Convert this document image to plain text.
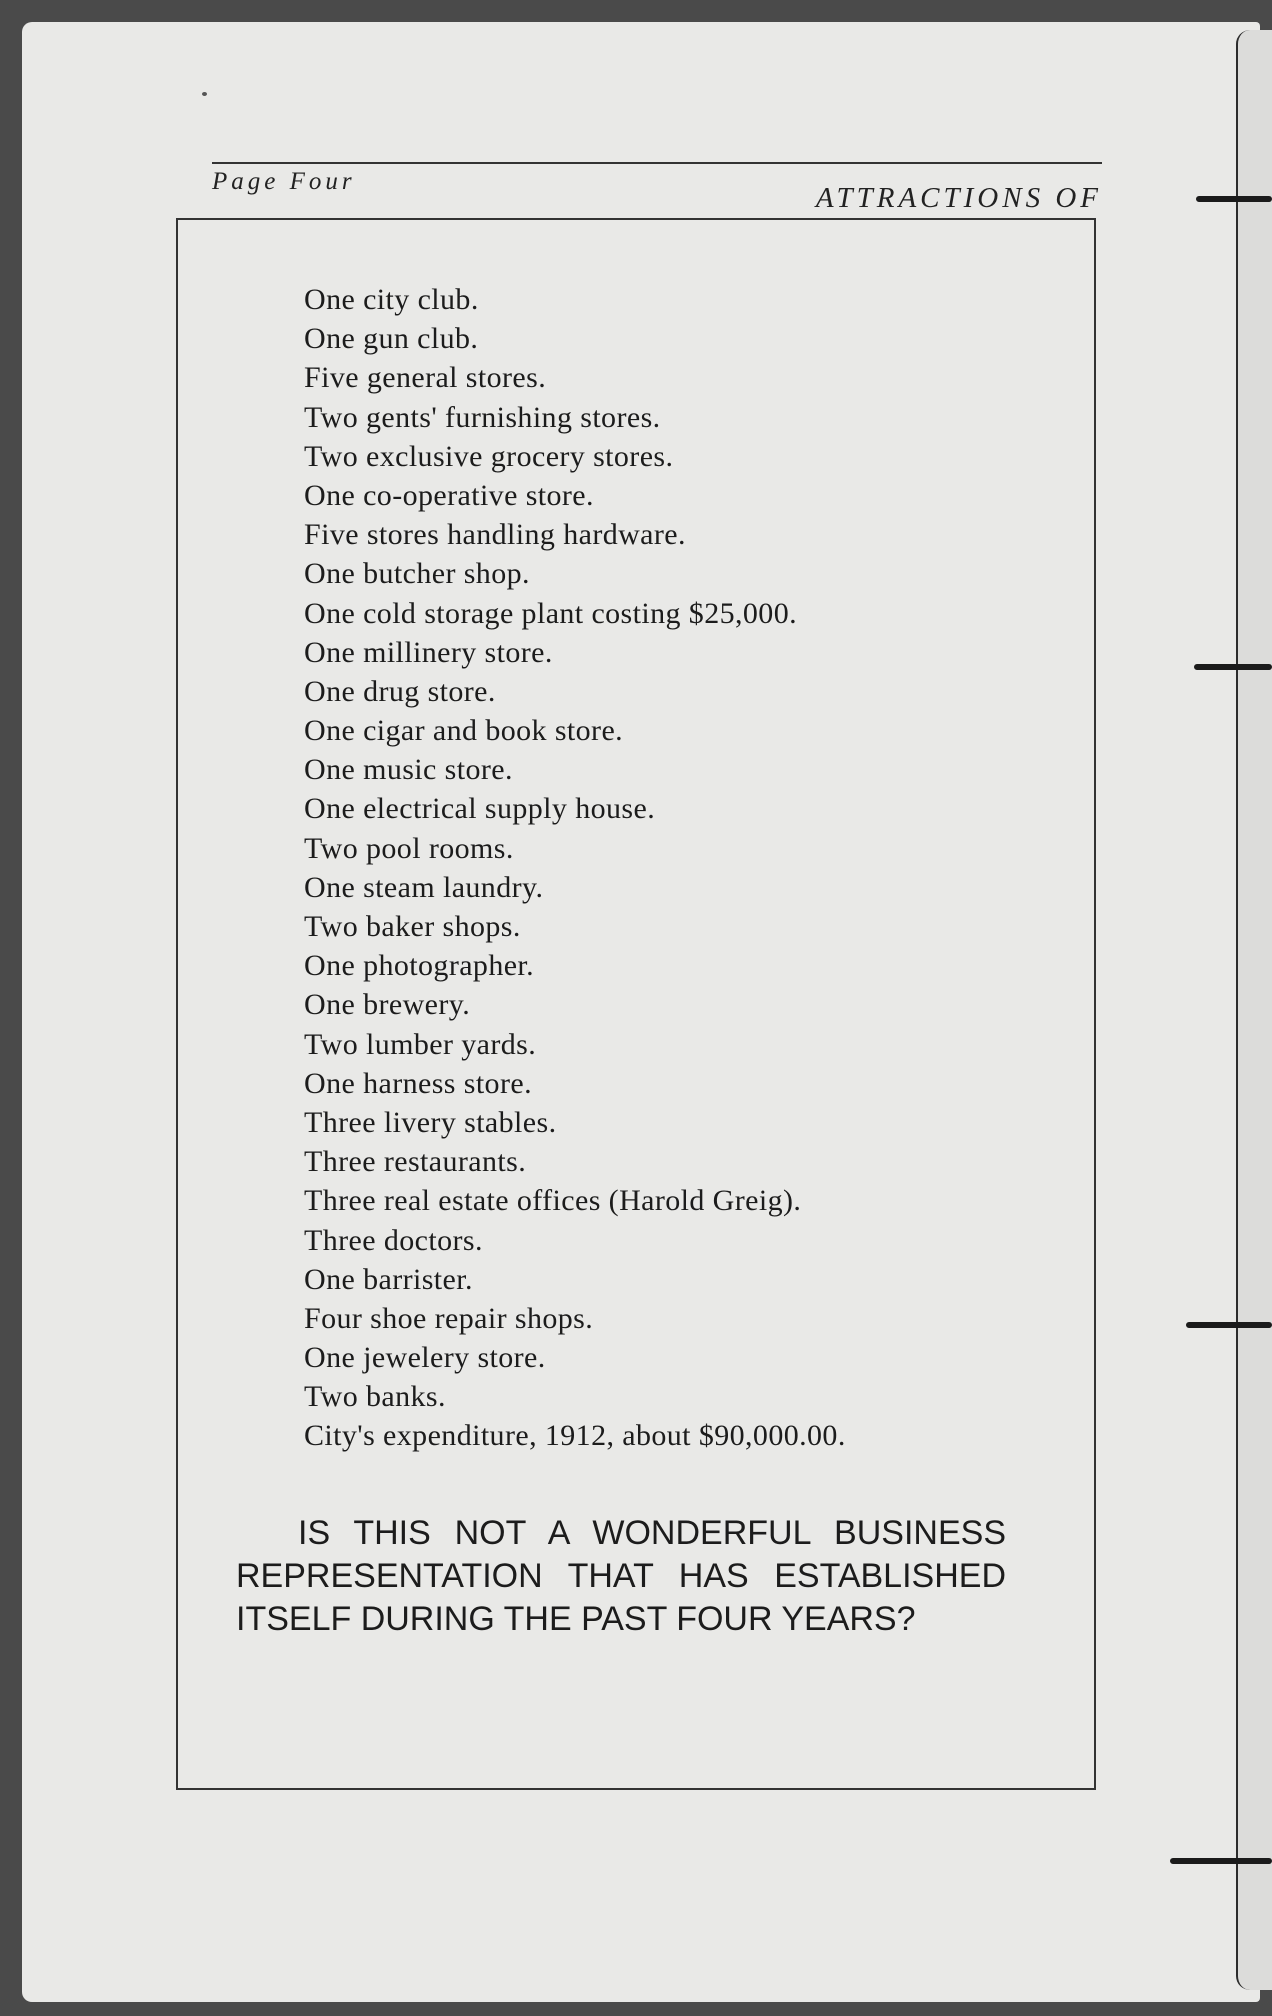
Page Four
ATTRACTIONS OF
One city club.
One gun club.
Five general stores.
Two gents' furnishing stores.
Two exclusive grocery stores.
One co-operative store.
Five stores handling hardware.
One butcher shop.
One cold storage plant costing $25,000.
One millinery store.
One drug store.
One cigar and book store.
One music store.
One electrical supply house.
Two pool rooms.
One steam laundry.
Two baker shops.
One photographer.
One brewery.
Two lumber yards.
One harness store.
Three livery stables.
Three restaurants.
Three real estate offices (Harold Greig).
Three doctors.
One barrister.
Four shoe repair shops.
One jewelery store.
Two banks.
City's expenditure, 1912, about $90,000.00.

IS THIS NOT A WONDERFUL BUSINESS REPRESENTATION THAT HAS ESTABLISHED ITSELF DURING THE PAST FOUR YEARS?
